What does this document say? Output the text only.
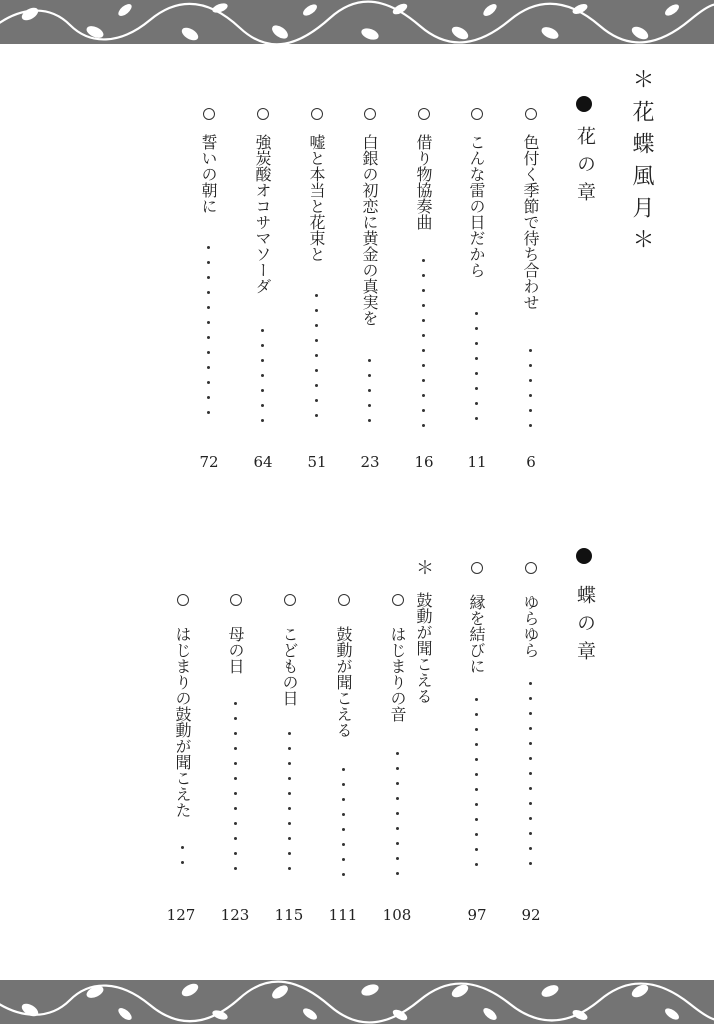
＊花蝶風月＊
花の章
色付く季節で待ち合わせ
6
こんな雷の日だから
11
借り物協奏曲
16
白銀の初恋に黄金の真実を
23
嘘と本当と花束と
51
強炭酸オコサマソーダ
64
誓いの朝に
72
蝶の章
ゆらゆら
92
縁を結びに
97
＊
鼓動が聞こえる
はじまりの音
108
鼓動が聞こえる
111
こどもの日
115
母の日
123
はじまりの鼓動が聞こえた
127
